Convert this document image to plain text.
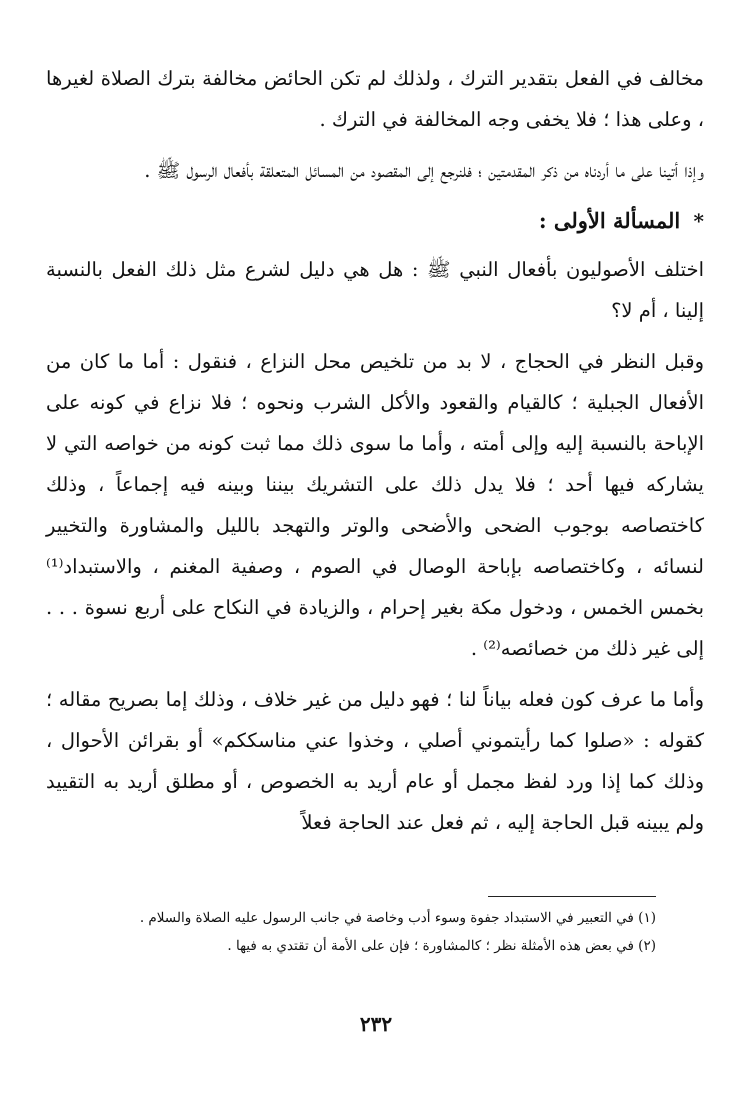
مخالف في الفعل بتقدير الترك ، ولذلك لم تكن الحائض مخالفة بترك الصلاة لغيرها ، وعلى هذا ؛ فلا يخفى وجه المخالفة في الترك .

وإذا أتينا على ما أردناه من ذكر المقدمتين ؛ فلنرجع إلى المقصود من المسائل المتعلقة بأفعال الرسول ﷺ .

* المسألة الأولى :

اختلف الأصوليون بأفعال النبي ﷺ : هل هي دليل لشرع مثل ذلك الفعل بالنسبة إلينا ، أم لا؟

وقبل النظر في الحجاج ، لا بد من تلخيص محل النزاع ، فنقول : أما ما كان من الأفعال الجبلية ؛ كالقيام والقعود والأكل الشرب ونحوه ؛ فلا نزاع في كونه على الإباحة بالنسبة إليه وإلى أمته ، وأما ما سوى ذلك مما ثبت كونه من خواصه التي لا يشاركه فيها أحد ؛ فلا يدل ذلك على التشريك بيننا وبينه فيه إجماعاً ، وذلك كاختصاصه بوجوب الضحى والأضحى والوتر والتهجد بالليل والمشاورة والتخيير لنسائه ، وكاختصاصه بإباحة الوصال في الصوم ، وصفية المغنم ، والاستبداد⁽¹⁾ بخمس الخمس ، ودخول مكة بغير إحرام ، والزيادة في النكاح على أربع نسوة . . . إلى غير ذلك من خصائصه⁽²⁾ .

وأما ما عرف كون فعله بياناً لنا ؛ فهو دليل من غير خلاف ، وذلك إما بصريح مقاله ؛ كقوله : «صلوا كما رأيتموني أصلي ، وخذوا عني مناسككم» أو بقرائن الأحوال ، وذلك كما إذا ورد لفظ مجمل أو عام أريد به الخصوص ، أو مطلق أريد به التقييد ولم يبينه قبل الحاجة إليه ، ثم فعل عند الحاجة فعلاً

(١) في التعبير في الاستبداد جفوة وسوء أدب وخاصة في جانب الرسول عليه الصلاة والسلام .

(٢) في بعض هذه الأمثلة نظر ؛ كالمشاورة ؛ فإن على الأمة أن تقتدي به فيها .

٢٣٢
